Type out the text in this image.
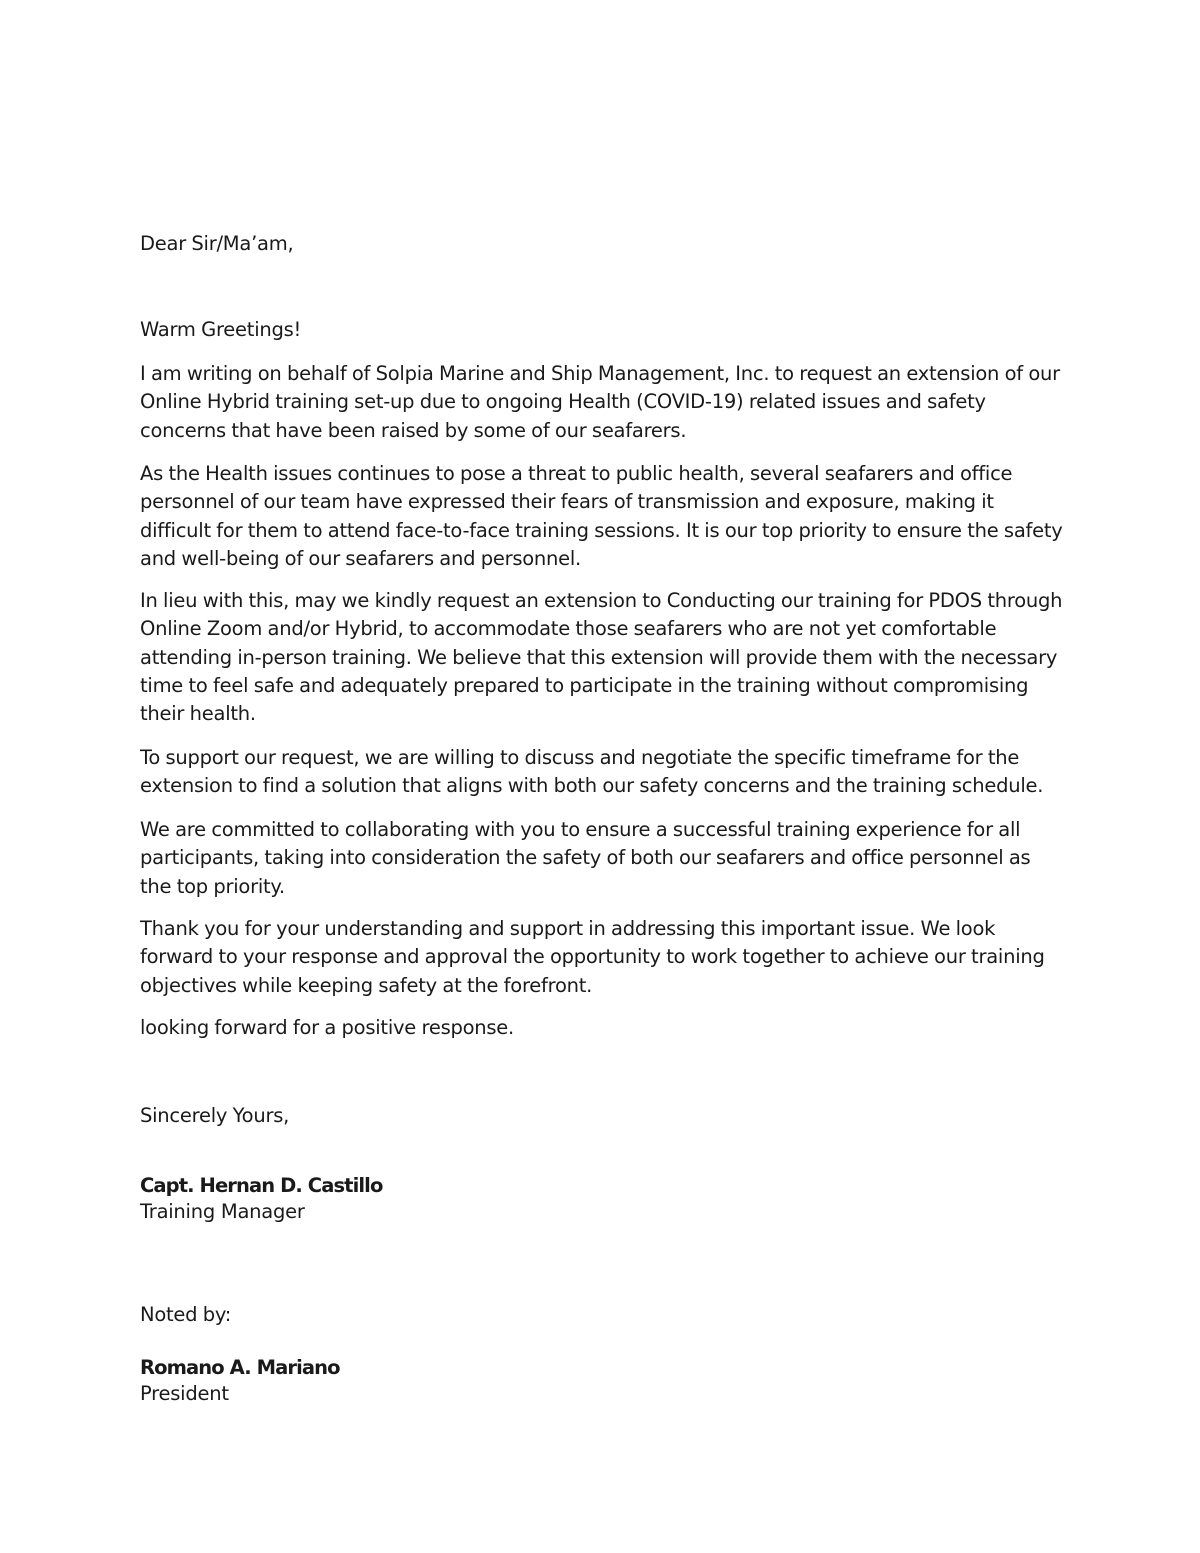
Dear Sir/Ma’am,

Warm Greetings!

I am writing on behalf of Solpia Marine and Ship Management, Inc. to request an extension of our Online Hybrid training set-up due to ongoing Health (COVID-19) related issues and safety concerns that have been raised by some of our seafarers.

As the Health issues continues to pose a threat to public health, several seafarers and office personnel of our team have expressed their fears of transmission and exposure, making it difficult for them to attend face-to-face training sessions. It is our top priority to ensure the safety and well-being of our seafarers and personnel.

In lieu with this, may we kindly request an extension to Conducting our training for PDOS through Online Zoom and/or Hybrid, to accommodate those seafarers who are not yet comfortable attending in-person training. We believe that this extension will provide them with the necessary time to feel safe and adequately prepared to participate in the training without compromising their health.

To support our request, we are willing to discuss and negotiate the specific timeframe for the extension to find a solution that aligns with both our safety concerns and the training schedule.

We are committed to collaborating with you to ensure a successful training experience for all participants, taking into consideration the safety of both our seafarers and office personnel as the top priority.

Thank you for your understanding and support in addressing this important issue. We look forward to your response and approval the opportunity to work together to achieve our training objectives while keeping safety at the forefront.

looking forward for a positive response.

Sincerely Yours,

Capt. Hernan D. Castillo

Training Manager

Noted by:

Romano A. Mariano

President
